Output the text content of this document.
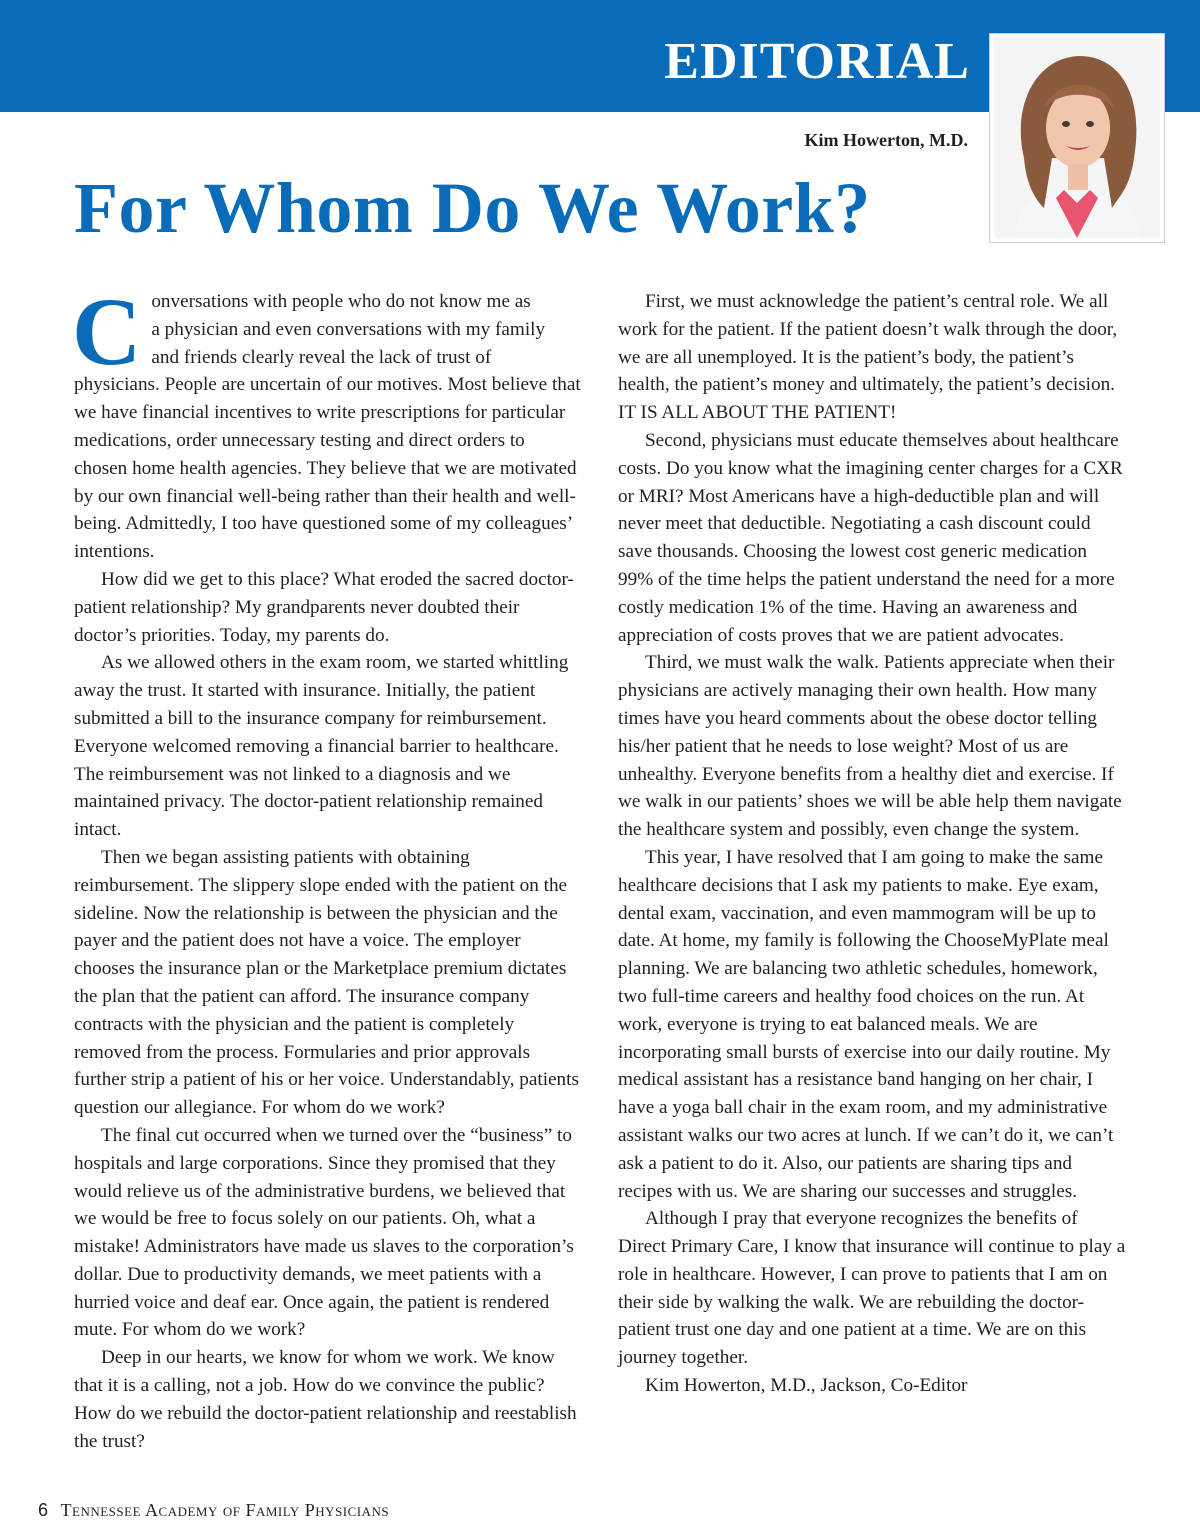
EDITORIAL
Kim Howerton, M.D.
For Whom Do We Work?

C onversations with people who do not know me as
a physician and even conversations with my family
and friends clearly reveal the lack of trust of
physicians. People are uncertain of our motives. Most believe that we have financial incentives to write prescriptions for particular medications, order unnecessary testing and direct orders to chosen home health agencies. They believe that we are motivated by our own financial well-being rather than their health and well-being. Admittedly, I too have questioned some of my colleagues’ intentions.

How did we get to this place? What eroded the sacred doctor-patient relationship? My grandparents never doubted their doctor’s priorities. Today, my parents do.

As we allowed others in the exam room, we started whittling away the trust. It started with insurance. Initially, the patient submitted a bill to the insurance company for reimbursement. Everyone welcomed removing a financial barrier to healthcare. The reimbursement was not linked to a diagnosis and we maintained privacy. The doctor-patient relationship remained intact.

Then we began assisting patients with obtaining reimbursement. The slippery slope ended with the patient on the sideline. Now the relationship is between the physician and the payer and the patient does not have a voice. The employer chooses the insurance plan or the Marketplace premium dictates the plan that the patient can afford. The insurance company contracts with the physician and the patient is completely removed from the process. Formularies and prior approvals further strip a patient of his or her voice. Understandably, patients question our allegiance. For whom do we work?

The final cut occurred when we turned over the “business” to hospitals and large corporations. Since they promised that they would relieve us of the administrative burdens, we believed that we would be free to focus solely on our patients. Oh, what a mistake! Administrators have made us slaves to the corporation’s dollar. Due to productivity demands, we meet patients with a hurried voice and deaf ear. Once again, the patient is rendered mute. For whom do we work?

Deep in our hearts, we know for whom we work. We know that it is a calling, not a job. How do we convince the public? How do we rebuild the doctor-patient relationship and reestablish the trust?

First, we must acknowledge the patient’s central role. We all work for the patient. If the patient doesn’t walk through the door, we are all unemployed. It is the patient’s body, the patient’s health, the patient’s money and ultimately, the patient’s decision. IT IS ALL ABOUT THE PATIENT!

Second, physicians must educate themselves about healthcare costs. Do you know what the imagining center charges for a CXR or MRI? Most Americans have a high-deductible plan and will never meet that deductible. Negotiating a cash discount could save thousands. Choosing the lowest cost generic medication 99% of the time helps the patient understand the need for a more costly medication 1% of the time. Having an awareness and appreciation of costs proves that we are patient advocates.

Third, we must walk the walk. Patients appreciate when their physicians are actively managing their own health. How many times have you heard comments about the obese doctor telling his/her patient that he needs to lose weight? Most of us are unhealthy. Everyone benefits from a healthy diet and exercise. If we walk in our patients’ shoes we will be able help them navigate the healthcare system and possibly, even change the system.

This year, I have resolved that I am going to make the same healthcare decisions that I ask my patients to make. Eye exam, dental exam, vaccination, and even mammogram will be up to date. At home, my family is following the ChooseMyPlate meal planning. We are balancing two athletic schedules, homework, two full-time careers and healthy food choices on the run. At work, everyone is trying to eat balanced meals. We are incorporating small bursts of exercise into our daily routine. My medical assistant has a resistance band hanging on her chair, I have a yoga ball chair in the exam room, and my administrative assistant walks our two acres at lunch. If we can’t do it, we can’t ask a patient to do it. Also, our patients are sharing tips and recipes with us. We are sharing our successes and struggles.

Although I pray that everyone recognizes the benefits of Direct Primary Care, I know that insurance will continue to play a role in healthcare. However, I can prove to patients that I am on their side by walking the walk. We are rebuilding the doctor-patient trust one day and one patient at a time. We are on this journey together.

Kim Howerton, M.D., Jackson, Co-Editor

6 Tennessee Academy of Family Physicians
